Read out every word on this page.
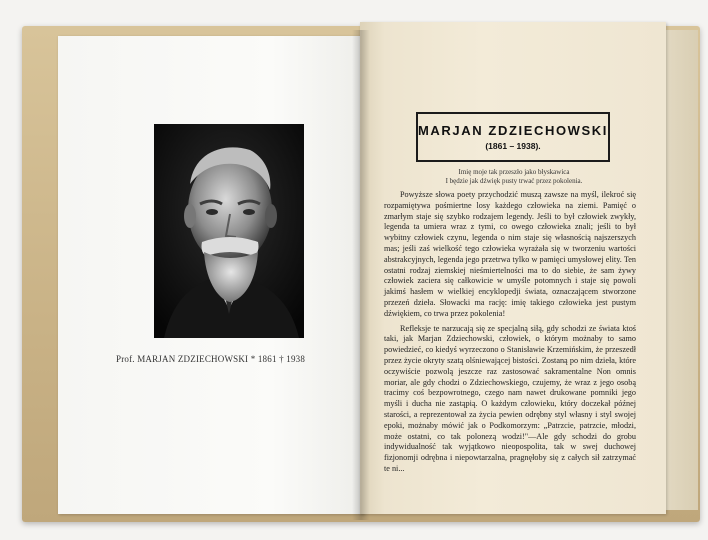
Prof. MARJAN ZDZIECHOWSKI * 1861 † 1938
MARJAN ZDZIECHOWSKI
(1861 – 1938).
Imię moje tak przeszło jako błyskawica
I będzie jak dźwięk pusty trwać przez pokolenia.

Powyższe słowa poety przychodzić muszą zawsze na myśl, ilekroć się rozpamiętywa pośmiertne losy każdego człowieka na ziemi. Pamięć o zmarłym staje się szybko rodzajem legendy. Jeśli to był człowiek zwykły, legenda ta umiera wraz z tymi, co owego człowieka znali; jeśli to był wybitny człowiek czynu, legenda o nim staje się własnością najszerszych mas; jeśli zaś wielkość tego człowieka wyrażała się w tworzeniu wartości abstrakcyjnych, legenda jego przetrwa tylko w pamięci umysłowej elity. Ten ostatni rodzaj ziemskiej nieśmiertelności ma to do siebie, że sam żywy człowiek zaciera się całkowicie w umyśle potomnych i staje się powoli jakimś hasłem w wielkiej encyklopedji świata, oznaczającem stworzone przezeń dzieła. Słowacki ma rację: imię takiego człowieka jest pustym dźwiękiem, co trwa przez pokolenia!

Refleksje te narzucają się ze specjalną siłą, gdy schodzi ze świata ktoś taki, jak Marjan Zdziechowski, człowiek, o którym możnaby to samo powiedzieć, co kiedyś wyrzeczono o Stanisławie Krzemińskim, że przeszedł przez życie okryty szatą olśniewającej bistości. Zostaną po nim dzieła, które oczywiście pozwolą jeszcze raz zastosować sakramentalne Non omnis moriar, ale gdy chodzi o Zdziechowskiego, czujemy, że wraz z jego osobą tracimy coś bezpowrotnego, czego nam nawet drukowane pomniki jego myśli i ducha nie zastąpią. O każdym człowieku, który doczekał późnej starości, a reprezentował za życia pewien odrębny styl własny i styl swojej epoki, możnaby mówić jak o Podkomorzym: „Patrzcie, patrzcie, młodzi, może ostatni, co tak polonezą wodzi!"—Ale gdy schodzi do grobu indywidualność tak wyjątkowo nieopospolita, tak w swej duchowej fizjonomji odrębna i niepowtarzalna, pragnęłoby się z całych sił zatrzymać te ni...
